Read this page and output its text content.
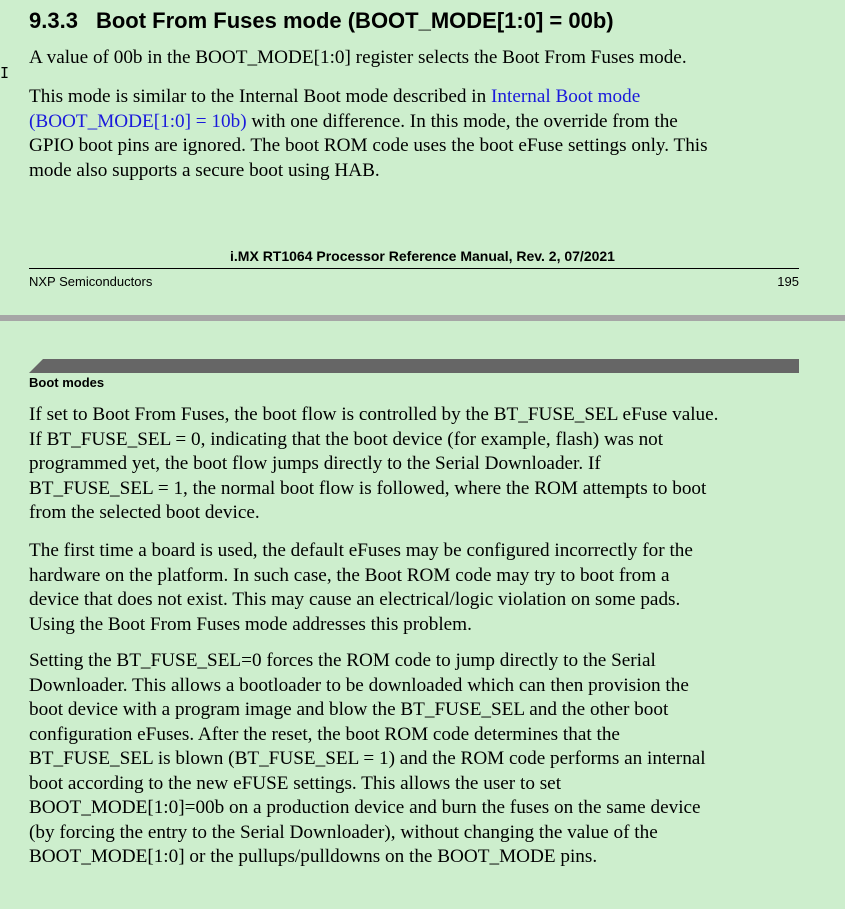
I
9.3.3 Boot From Fuses mode (BOOT_MODE[1:0] = 00b)

A value of 00b in the BOOT_MODE[1:0] register selects the Boot From Fuses mode.

This mode is similar to the Internal Boot mode described in Internal Boot mode
(BOOT_MODE[1:0] = 10b) with one difference. In this mode, the override from the
GPIO boot pins are ignored. The boot ROM code uses the boot eFuse settings only. This
mode also supports a secure boot using HAB.

i.MX RT1064 Processor Reference Manual, Rev. 2, 07/2021
NXP Semiconductors	195
Boot modes

If set to Boot From Fuses, the boot flow is controlled by the BT_FUSE_SEL eFuse value.
If BT_FUSE_SEL = 0, indicating that the boot device (for example, flash) was not
programmed yet, the boot flow jumps directly to the Serial Downloader. If
BT_FUSE_SEL = 1, the normal boot flow is followed, where the ROM attempts to boot
from the selected boot device.

The first time a board is used, the default eFuses may be configured incorrectly for the
hardware on the platform. In such case, the Boot ROM code may try to boot from a
device that does not exist. This may cause an electrical/logic violation on some pads.
Using the Boot From Fuses mode addresses this problem.

Setting the BT_FUSE_SEL=0 forces the ROM code to jump directly to the Serial
Downloader. This allows a bootloader to be downloaded which can then provision the
boot device with a program image and blow the BT_FUSE_SEL and the other boot
configuration eFuses. After the reset, the boot ROM code determines that the
BT_FUSE_SEL is blown (BT_FUSE_SEL = 1) and the ROM code performs an internal
boot according to the new eFUSE settings. This allows the user to set
BOOT_MODE[1:0]=00b on a production device and burn the fuses on the same device
(by forcing the entry to the Serial Downloader), without changing the value of the
BOOT_MODE[1:0] or the pullups/pulldowns on the BOOT_MODE pins.
